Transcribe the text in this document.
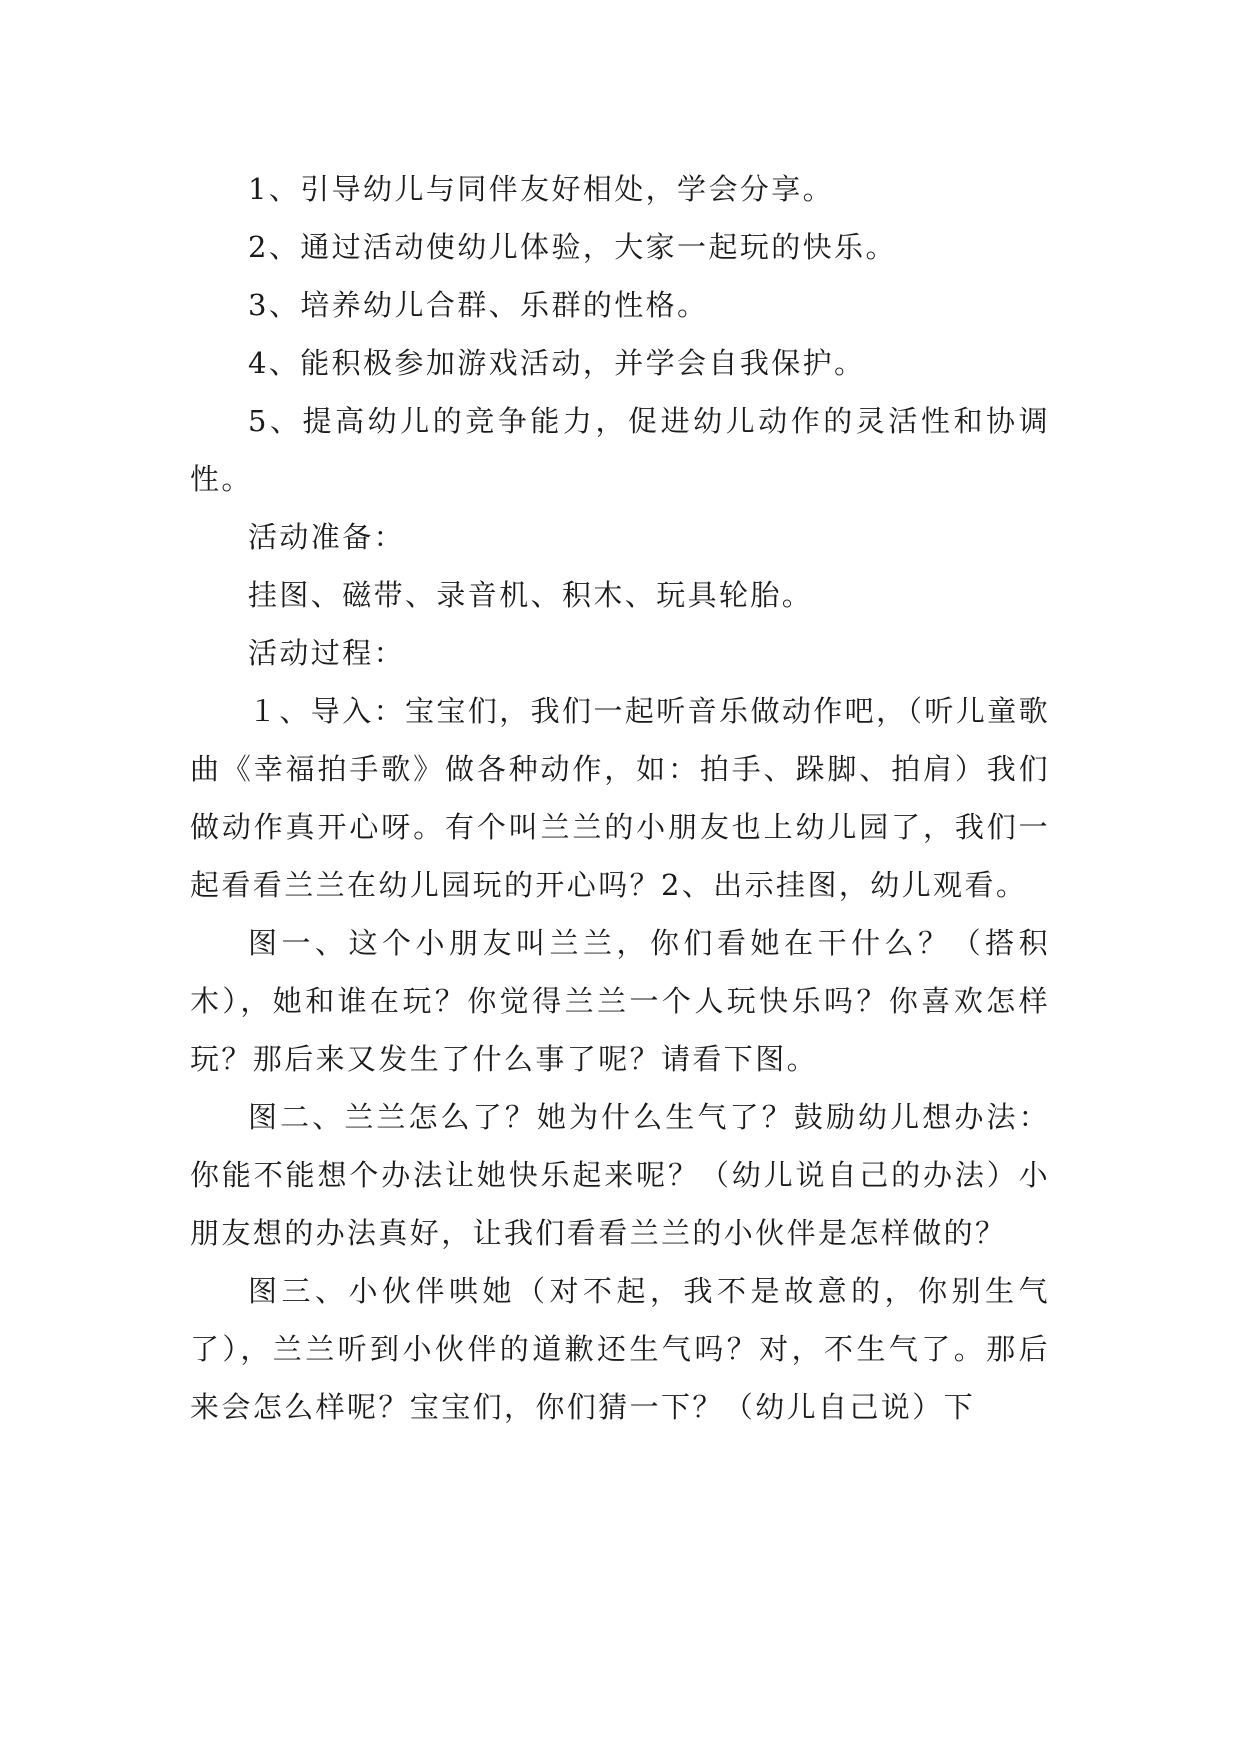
1、引导幼儿与同伴友好相处，学会分享。

2、通过活动使幼儿体验，大家一起玩的快乐。

3、培养幼儿合群、乐群的性格。

4、能积极参加游戏活动，并学会自我保护。

5、提高幼儿的竞争能力，促进幼儿动作的灵活性和协调性。

活动准备：

挂图、磁带、录音机、积木、玩具轮胎。

活动过程：

１、导入：宝宝们，我们一起听音乐做动作吧，（听儿童歌曲《幸福拍手歌》做各种动作，如：拍手、跺脚、拍肩）我们做动作真开心呀。有个叫兰兰的小朋友也上幼儿园了，我们一起看看兰兰在幼儿园玩的开心吗？2、出示挂图，幼儿观看。

图一、这个小朋友叫兰兰，你们看她在干什么？（搭积木），她和谁在玩？你觉得兰兰一个人玩快乐吗？你喜欢怎样玩？那后来又发生了什么事了呢？请看下图。

图二、兰兰怎么了？她为什么生气了？鼓励幼儿想办法：你能不能想个办法让她快乐起来呢？（幼儿说自己的办法）小朋友想的办法真好，让我们看看兰兰的小伙伴是怎样做的？

图三、小伙伴哄她（对不起，我不是故意的，你别生气了），兰兰听到小伙伴的道歉还生气吗？对，不生气了。那后来会怎么样呢？宝宝们，你们猜一下？（幼儿自己说）下
